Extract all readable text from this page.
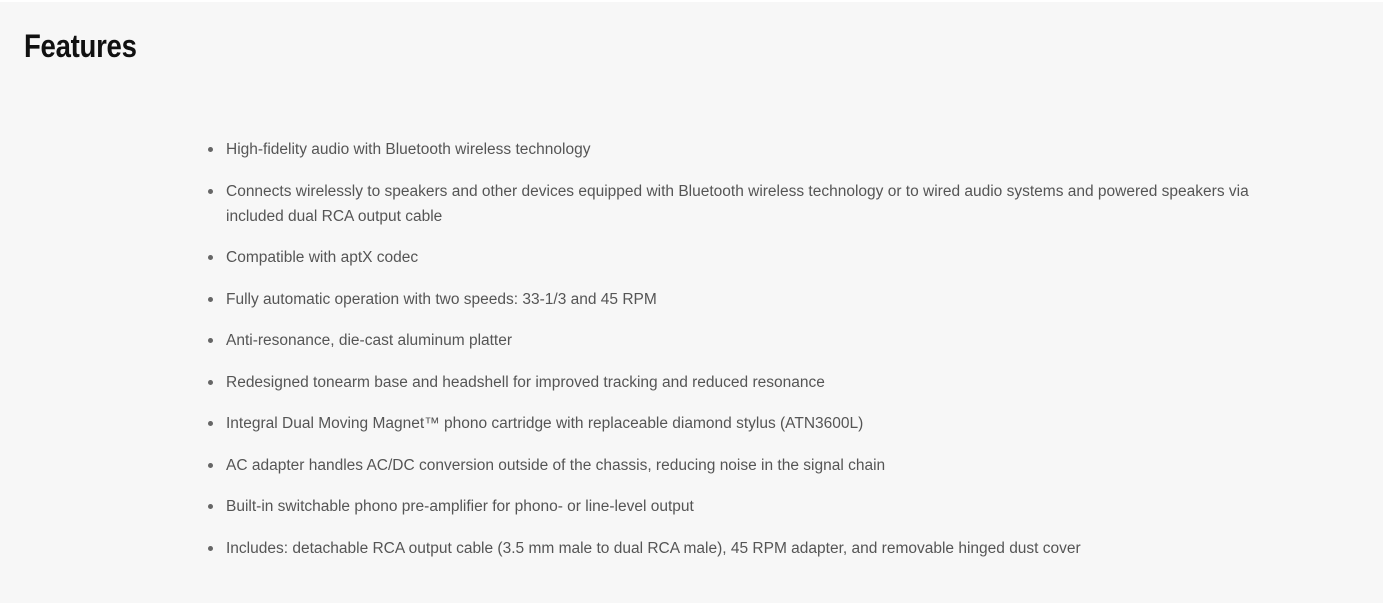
Features
High-fidelity audio with Bluetooth wireless technology
Connects wirelessly to speakers and other devices equipped with Bluetooth wireless technology or to wired audio systems and powered speakers via included dual RCA output cable
Compatible with aptX codec
Fully automatic operation with two speeds: 33-1/3 and 45 RPM
Anti-resonance, die-cast aluminum platter
Redesigned tonearm base and headshell for improved tracking and reduced resonance
Integral Dual Moving Magnet™ phono cartridge with replaceable diamond stylus (ATN3600L)
AC adapter handles AC/DC conversion outside of the chassis, reducing noise in the signal chain
Built-in switchable phono pre-amplifier for phono- or line-level output
Includes: detachable RCA output cable (3.5 mm male to dual RCA male), 45 RPM adapter, and removable hinged dust cover
